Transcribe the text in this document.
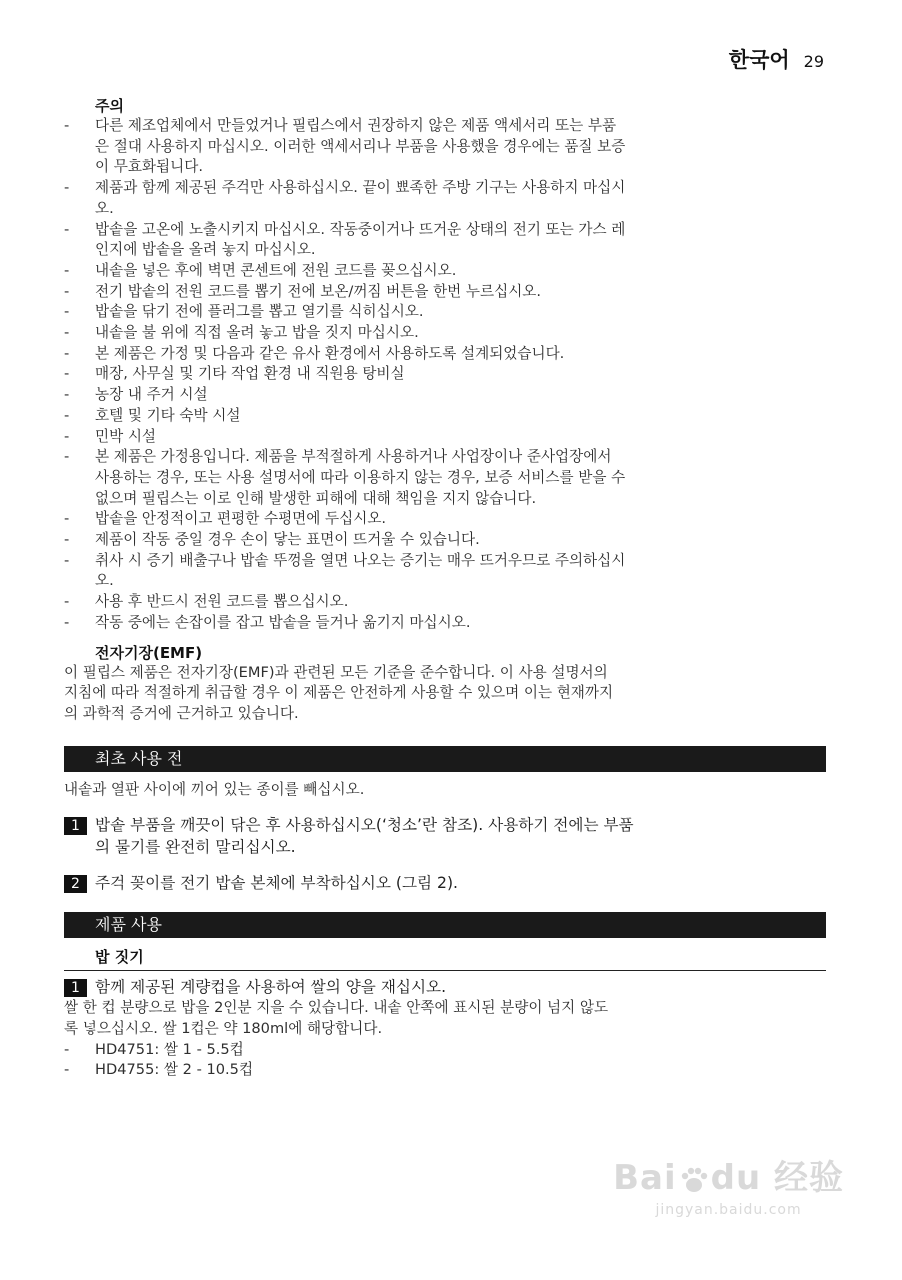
한국어 29
주의
- 다른 제조업체에서 만들었거나 필립스에서 권장하지 않은 제품 액세서리 또는 부품
은 절대 사용하지 마십시오. 이러한 액세서리나 부품을 사용했을 경우에는 품질 보증
이 무효화됩니다.
- 제품과 함께 제공된 주걱만 사용하십시오. 끝이 뾰족한 주방 기구는 사용하지 마십시
오.
- 밥솥을 고온에 노출시키지 마십시오. 작동중이거나 뜨거운 상태의 전기 또는 가스 레
인지에 밥솥을 올려 놓지 마십시오.
- 내솥을 넣은 후에 벽면 콘센트에 전원 코드를 꽂으십시오.
- 전기 밥솥의 전원 코드를 뽑기 전에 보온/꺼짐 버튼을 한번 누르십시오.
- 밥솥을 닦기 전에 플러그를 뽑고 열기를 식히십시오.
- 내솥을 불 위에 직접 올려 놓고 밥을 짓지 마십시오.
- 본 제품은 가정 및 다음과 같은 유사 환경에서 사용하도록 설계되었습니다.
- 매장, 사무실 및 기타 작업 환경 내 직원용 탕비실
- 농장 내 주거 시설
- 호텔 및 기타 숙박 시설
- 민박 시설
- 본 제품은 가정용입니다. 제품을 부적절하게 사용하거나 사업장이나 준사업장에서
사용하는 경우, 또는 사용 설명서에 따라 이용하지 않는 경우, 보증 서비스를 받을 수
없으며 필립스는 이로 인해 발생한 피해에 대해 책임을 지지 않습니다.
- 밥솥을 안정적이고 편평한 수평면에 두십시오.
- 제품이 작동 중일 경우 손이 닿는 표면이 뜨거울 수 있습니다.
- 취사 시 증기 배출구나 밥솥 뚜껑을 열면 나오는 증기는 매우 뜨거우므로 주의하십시
오.
- 사용 후 반드시 전원 코드를 뽑으십시오.
- 작동 중에는 손잡이를 잡고 밥솥을 들거나 옮기지 마십시오.
전자기장(EMF)

이 필립스 제품은 전자기장(EMF)과 관련된 모든 기준을 준수합니다. 이 사용 설명서의
지침에 따라 적절하게 취급할 경우 이 제품은 안전하게 사용할 수 있으며 이는 현재까지
의 과학적 증거에 근거하고 있습니다.

최초 사용 전

내솥과 열판 사이에 끼어 있는 종이를 빼십시오.

1 밥솥 부품을 깨끗이 닦은 후 사용하십시오(‘청소’란 참조). 사용하기 전에는 부품
의 물기를 완전히 말리십시오.
2 주걱 꽂이를 전기 밥솥 본체에 부착하십시오 (그림 2).
제품 사용
밥 짓기
1 함께 제공된 계량컵을 사용하여 쌀의 양을 재십시오.

쌀 한 컵 분량으로 밥을 2인분 지을 수 있습니다. 내솥 안쪽에 표시된 분량이 넘지 않도
록 넣으십시오. 쌀 1컵은 약 180ml에 해당합니다.

- HD4751: 쌀 1 - 5.5컵
- HD4755: 쌀 2 - 10.5컵
Bai du 经验
jingyan.baidu.com
